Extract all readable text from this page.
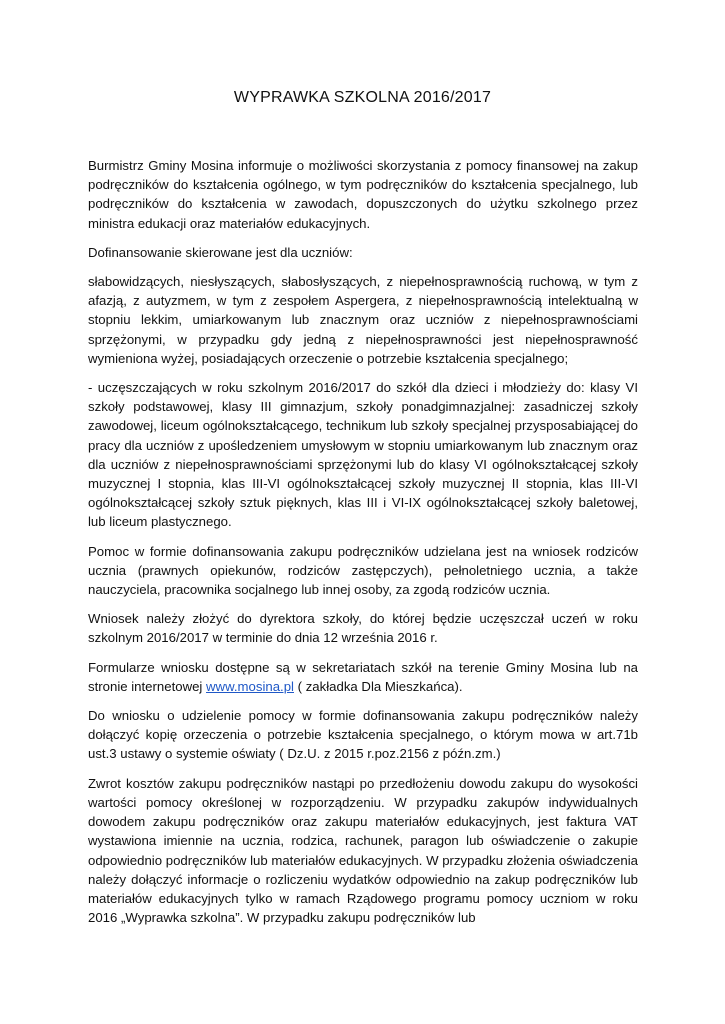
WYPRAWKA SZKOLNA 2016/2017

Burmistrz Gminy Mosina informuje o możliwości skorzystania z pomocy finansowej na zakup podręczników do kształcenia ogólnego, w tym podręczników do kształcenia specjalnego, lub podręczników do kształcenia w zawodach, dopuszczonych do użytku szkolnego przez ministra edukacji oraz materiałów edukacyjnych.

Dofinansowanie skierowane jest dla uczniów:

słabowidzących, niesłyszących, słabosłyszących, z niepełnosprawnością ruchową, w tym z afazją, z autyzmem, w tym z zespołem Aspergera, z niepełnosprawnością intelektualną w stopniu lekkim, umiarkowanym lub znacznym oraz uczniów z niepełnosprawnościami sprzężonymi, w przypadku gdy jedną z niepełnosprawności jest niepełnosprawność wymieniona wyżej, posiadających orzeczenie o potrzebie kształcenia specjalnego;

- uczęszczających w roku szkolnym 2016/2017 do szkół dla dzieci i młodzieży do: klasy VI szkoły podstawowej, klasy III gimnazjum, szkoły ponadgimnazjalnej: zasadniczej szkoły zawodowej, liceum ogólnokształcącego, technikum lub szkoły specjalnej przysposabiającej do pracy dla uczniów z upośledzeniem umysłowym w stopniu umiarkowanym lub znacznym oraz dla uczniów z niepełnosprawnościami sprzężonymi lub do klasy VI ogólnokształcącej szkoły muzycznej I stopnia, klas III-VI ogólnokształcącej szkoły muzycznej II stopnia, klas III-VI ogólnokształcącej szkoły sztuk pięknych, klas III i VI-IX ogólnokształcącej szkoły baletowej, lub liceum plastycznego.

Pomoc w formie dofinansowania zakupu podręczników udzielana jest na wniosek rodziców ucznia (prawnych opiekunów, rodziców zastępczych), pełnoletniego ucznia, a także nauczyciela, pracownika socjalnego lub innej osoby, za zgodą rodziców ucznia.

Wniosek należy złożyć do dyrektora szkoły, do której będzie uczęszczał uczeń w roku szkolnym 2016/2017 w terminie do dnia 12 września 2016 r.

Formularze wniosku dostępne są w sekretariatach szkół na terenie Gminy Mosina lub na stronie internetowej www.mosina.pl ( zakładka Dla Mieszkańca).

Do wniosku o udzielenie pomocy w formie dofinansowania zakupu podręczników należy dołączyć kopię orzeczenia o potrzebie kształcenia specjalnego, o którym mowa w art.71b ust.3 ustawy o systemie oświaty ( Dz.U. z 2015 r.poz.2156 z późn.zm.)

Zwrot kosztów zakupu podręczników nastąpi po przedłożeniu dowodu zakupu do wysokości wartości pomocy określonej w rozporządzeniu. W przypadku zakupów indywidualnych dowodem zakupu podręczników oraz zakupu materiałów edukacyjnych, jest faktura VAT wystawiona imiennie na ucznia, rodzica, rachunek, paragon lub oświadczenie o zakupie odpowiednio podręczników lub materiałów edukacyjnych. W przypadku złożenia oświadczenia należy dołączyć informacje o rozliczeniu wydatków odpowiednio na zakup podręczników lub materiałów edukacyjnych tylko w ramach Rządowego programu pomocy uczniom w roku 2016 „Wyprawka szkolna”. W przypadku zakupu podręczników lub
